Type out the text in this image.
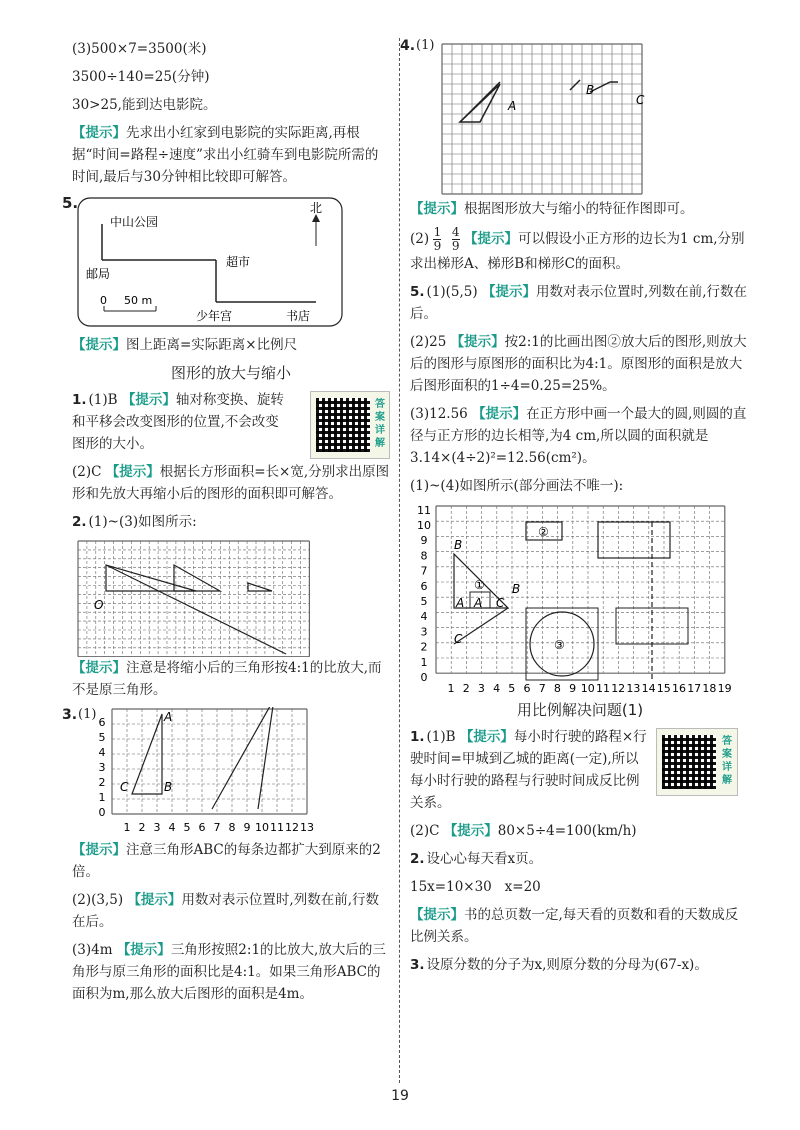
(3)500×7=3500(米)

3500÷140=25(分钟)

30>25,能到达电影院。

【提示】先求出小红家到电影院的实际距离,再根据“时间=路程÷速度”求出小红骑车到电影院所需的时间,最后与30分钟相比较即可解答。

5.
中山公园
邮局
超市
少年宫	书店
北
0 50 m

【提示】图上距离=实际距离×比例尺

图形的放大与缩小

1. (1)B 【提示】轴对称变换、旋转和平移会改变图形的位置,不会改变图形的大小。

答案详解

(2)C 【提示】根据长方形面积=长×宽,分别求出原图形和先放大再缩小后的图形的面积即可解答。

2. (1)~(3)如图所示:

O

【提示】注意是将缩小后的三角形按4:1的比放大,而不是原三角形。

3. (1)
0
1
2
3
4
5
6
1 2 3 4 5 6 7 8 9 10 11 12 13
A
B
C

【提示】注意三角形ABC的每条边都扩大到原来的2倍。

(2)(3,5) 【提示】用数对表示位置时,列数在前,行数在后。

(3)4m 【提示】三角形按照2:1的比放大,放大后的三角形与原三角形的面积比是4:1。如果三角形ABC的面积为m,那么放大后图形的面积是4m。

4. (1)
A
B
C

【提示】根据图形放大与缩小的特征作图即可。

$(2) \frac{1}{9} \frac{4}{9}$ 【提示】可以假设小正方形的边长为1 cm,分别求出梯形A、梯形B和梯形C的面积。

5. (1)(5,5) 【提示】用数对表示位置时,列数在前,行数在后。

(2)25 【提示】按2:1的比画出图②放大后的图形,则放大后的图形与原图形的面积比为4:1。原图形的面积是放大后图形面积的1÷4=0.25=25%。

(3)12.56 【提示】在正方形中画一个最大的圆,则圆的直径与正方形的边长相等,为4 cm,所以圆的面积就是3.14×(4÷2)²=12.56(cm²)。

(1)~(4)如图所示(部分画法不唯一):

0
1
2
3
4
5
6
7
8
9
10
11
1 2 3 4 5 6 7 8 9 10 11 12 13 14 15 16 17 18 19
B
B
A A C
C
①
②
③
用比例解决问题(1)

1. (1)B 【提示】每小时行驶的路程×行驶时间=甲城到乙城的距离(一定),所以每小时行驶的路程与行驶时间成反比例关系。

答案详解

(2)C 【提示】80×5÷4=100(km/h)

2. 设心心每天看x页。

15x=10×30   x=20

【提示】书的总页数一定,每天看的页数和看的天数成反比例关系。

3. 设原分数的分子为x,则原分数的分母为(67-x)。

19
